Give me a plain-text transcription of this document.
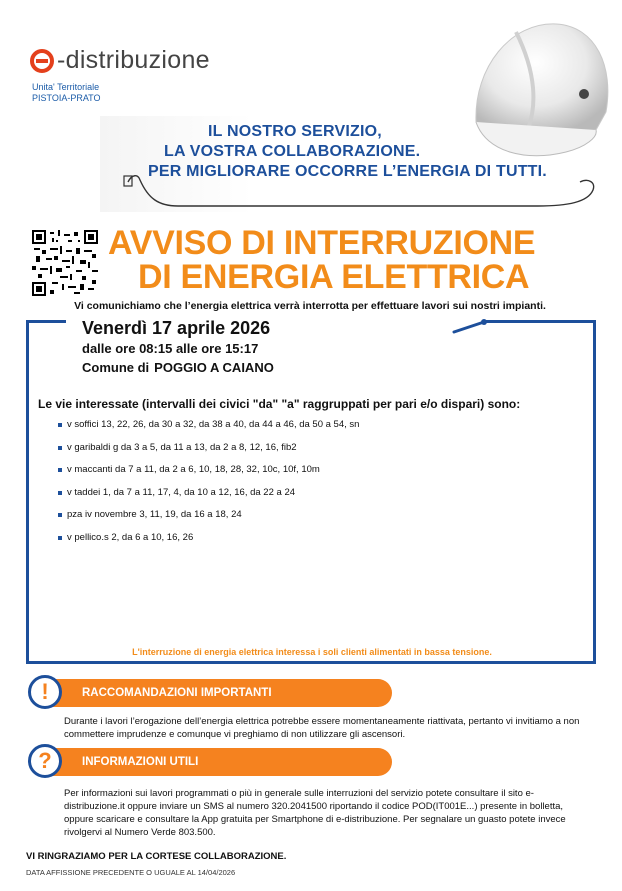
-distribuzione
Unita' Territoriale
PISTOIA-PRATO
IL NOSTRO SERVIZIO,
LA VOSTRA COLLABORAZIONE.
PER MIGLIORARE OCCORRE L’ENERGIA DI TUTTI.
AVVISO DI INTERRUZIONE
DI ENERGIA ELETTRICA
Vi comunichiamo che l’energia elettrica verrà interrotta per effettuare lavori sui nostri impianti.
Venerdì 17 aprile 2026
dalle ore 08:15 alle ore 15:17
Comune di POGGIO A CAIANO
Le vie interessate (intervalli dei civici "da" "a" raggruppati per pari e/o dispari) sono:
v soffici 13, 22, 26, da 30 a 32, da 38 a 40, da 44 a 46, da 50 a 54, sn
v garibaldi g da 3 a 5, da 11 a 13, da 2 a 8, 12, 16, fib2
v maccanti da 7 a 11, da 2 a 6, 10, 18, 28, 32, 10c, 10f, 10m
v taddei 1, da 7 a 11, 17, 4, da 10 a 12, 16, da 22 a 24
pza iv novembre 3, 11, 19, da 16 a 18, 24
v pellico.s 2, da 6 a 10, 16, 26
L'interruzione di energia elettrica interessa i soli clienti alimentati in bassa tensione.
RACCOMANDAZIONI IMPORTANTI
!
Durante i lavori l’erogazione dell’energia elettrica potrebbe essere momentaneamente riattivata, pertanto vi invitiamo a non commettere imprudenze e comunque vi preghiamo di non utilizzare gli ascensori.
INFORMAZIONI UTILI
?
Per informazioni sui lavori programmati o più in generale sulle interruzioni del servizio potete consultare il sito e-distribuzione.it oppure inviare un SMS al numero 320.2041500 riportando il codice POD(IT001E...) presente in bolletta, oppure scaricare e consultare la App gratuita per Smartphone di e-distribuzione. Per segnalare un guasto potete invece rivolgervi al Numero Verde 803.500.
VI RINGRAZIAMO PER LA CORTESE COLLABORAZIONE.
DATA AFFISSIONE PRECEDENTE O UGUALE AL 14/04/2026
